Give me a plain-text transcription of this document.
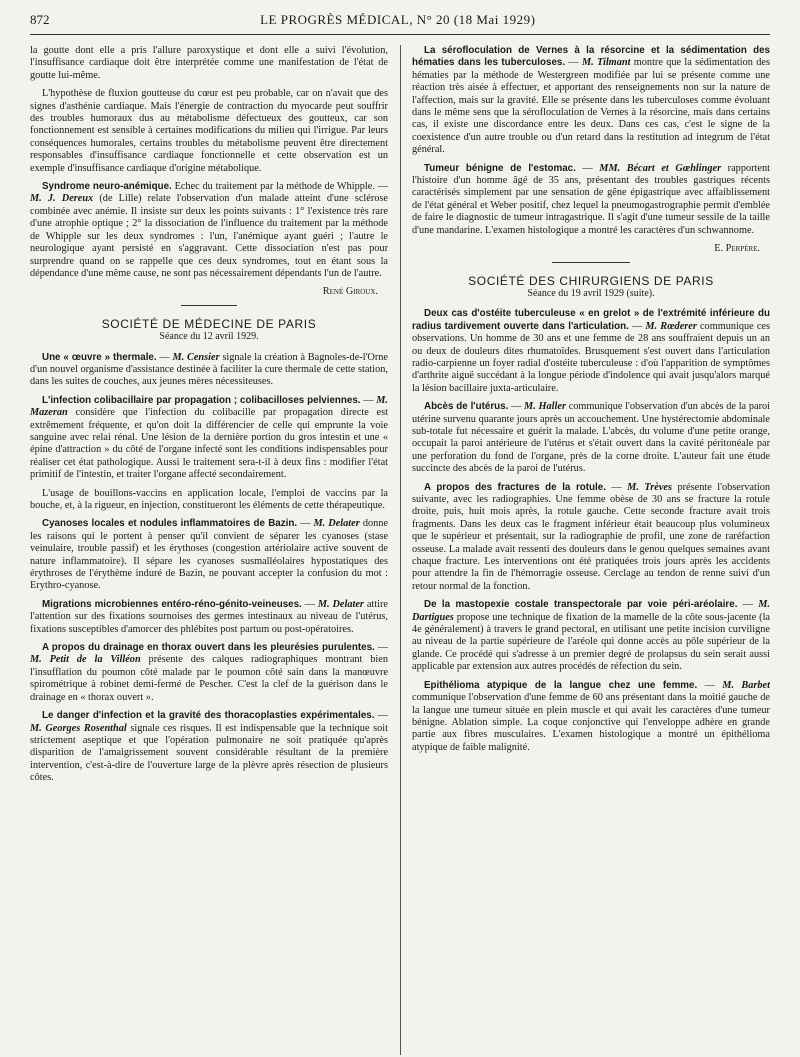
872	LE PROGRÈS MÉDICAL, N° 20 (18 Mai 1929)

la goutte dont elle a pris l'allure paroxystique et dont elle a suivi l'évolution, l'insuffisance cardiaque doit être interprétée comme une manifestation de l'état de goutte lui-même.

L'hypothèse de fluxion goutteuse du cœur est peu probable, car on n'avait que des signes d'asthénie cardiaque. Mais l'énergie de contraction du myocarde peut souffrir des troubles humoraux dus au métabolisme défectueux des goutteux, car son fonctionnement est sensible à certaines modifications du milieu qui l'irrigue. Par leurs conséquences humorales, certains troubles du métabolisme peuvent être directement responsables d'insuffisance cardiaque fonctionnelle et cette observation est un exemple d'insuffisance cardiaque d'origine métabolique.

Syndrome neuro-anémique. Echec du traitement par la méthode de Whipple. — M. J. Dereux (de Lille) relate l'observation d'un malade atteint d'une sclérose combinée avec anémie. Il insiste sur deux les points suivants : 1° l'existence très rare d'une atrophie optique ; 2° la dissociation de l'influence du traitement par la méthode de Whipple sur les deux syndromes : l'un, l'anémique ayant guéri ; l'autre le neurologique ayant persisté en s'aggravant. Cette dissociation n'est pas pour surprendre quand on se rappelle que ces deux syndromes, tout en étant sous la dépendance d'une même cause, ne sont pas nécessairement dépendants l'un de l'autre.

René Giroux.
SOCIÉTÉ DE MÉDECINE DE PARIS
Séance du 12 avril 1929.

Une « œuvre » thermale. — M. Censier signale la création à Bagnoles-de-l'Orne d'un nouvel organisme d'assistance destinée à faciliter la cure thermale de cette station, dans les suites de couches, aux jeunes mères nécessiteuses.

L'infection colibacillaire par propagation ; colibacilloses pelviennes. — M. Mazeran considère que l'infection du colibacille par propagation directe est extrêmement fréquente, et qu'on doit la différencier de celle qui emprunte la voie sanguine avec relai rénal. Une lésion de la dernière portion du gros intestin et une « épine d'attraction » du côté de l'organe infecté sont les conditions indispensables pour réaliser cet état pathologique. Aussi le traitement sera-t-il à deux fins : modifier l'état primitif de l'intestin, et traiter l'organe affecté secondairement.

L'usage de bouillons-vaccins en application locale, l'emploi de vaccins par la bouche, et, à la rigueur, en injection, constitueront les éléments de cette thérapeutique.

Cyanoses locales et nodules inflammatoires de Bazin. — M. Delater donne les raisons qui le portent à penser qu'il convient de séparer les cyanoses (stase veinulaire, trouble passif) et les érythoses (congestion artériolaire active souvent de nature inflammatoire). Il sépare les cyanoses susmalléolaires hypostatiques des érythroses de l'érythème induré de Bazin, ne pouvant accepter la confusion du mot : Erythro-cyanose.

Migrations microbiennes entéro-réno-génito-veineuses. — M. Delater attire l'attention sur des fixations sournoises des germes intestinaux au niveau de l'utérus, fixations susceptibles d'amorcer des phlébites post partum ou post-opératoires.

A propos du drainage en thorax ouvert dans les pleurésies purulentes. — M. Petit de la Villéon présente des calques radiographiques montrant bien l'insufflation du poumon côté malade par le poumon côté sain dans la manœuvre spirométrique à robinet demi-fermé de Pescher. C'est la clef de la guérison dans le drainage en « thorax ouvert ».

Le danger d'infection et la gravité des thoracoplasties expérimentales. — M. Georges Rosenthal signale ces risques. Il est indispensable que la technique soit strictement aseptique et que l'opération pulmonaire ne soit pratiquée qu'après disparition de l'amaigrissement souvent considérable résultant de la première intervention, c'est-à-dire de l'ouverture large de la plèvre après résection de plusieurs côtes.

La sérofloculation de Vernes à la résorcine et la sédimentation des hématies dans les tuberculoses. — M. Tilmant montre que la sédimentation des hématies par la méthode de Westergreen modifiée par lui se présente comme une réaction très aisée à effectuer, et apportant des renseignements non sur la nature de l'affection, mais sur la gravité. Elle se présente dans les tuberculoses comme évoluant dans le même sens que la sérofloculation de Vernes à la résorcine, mais dans certains cas, il existe une discordance entre les deux. Dans ces cas, c'est le signe de la coexistence d'un autre trouble ou d'un retard dans la restitution ad integrum de l'état général.

Tumeur bénigne de l'estomac. — MM. Bécart et Gœhlinger rapportent l'histoire d'un homme âgé de 35 ans, présentant des troubles gastriques récents caractérisés simplement par une sensation de gêne épigastrique avec affaiblissement de l'état général et Weber positif, chez lequel la pneumogastrographie permit d'emblée de faire le diagnostic de tumeur intragastrique. Il s'agit d'une tumeur sessile de la taille d'une mandarine. L'examen histologique a montré les caractères d'un schwannome.

E. Perpère.
SOCIÉTÉ DES CHIRURGIENS DE PARIS
Séance du 19 avril 1929 (suite).

Deux cas d'ostéite tuberculeuse « en grelot » de l'extrémité inférieure du radius tardivement ouverte dans l'articulation. — M. Rœderer communique ces observations. Un homme de 30 ans et une femme de 28 ans souffraient depuis un an ou deux de douleurs dites rhumatoïdes. Brusquement s'est ouvert dans l'articulation radio-carpienne un foyer radial d'ostéite tuberculeuse : d'où l'apparition de symptômes d'arthrite aiguë succédant à la longue période d'indolence qui avait jusqu'alors marqué la lésion bacillaire juxta-articulaire.

Abcès de l'utérus. — M. Haller communique l'observation d'un abcès de la paroi utérine survenu quarante jours après un accouchement. Une hystérectomie abdominale sub-totale fut nécessaire et guérit la malade. L'abcès, du volume d'une petite orange, occupait la paroi antérieure de l'utérus et s'était ouvert dans la cavité péritonéale par une perforation du fond de l'organe, près de la corne droite. L'auteur fait une étude succincte des abcès de la paroi de l'utérus.

A propos des fractures de la rotule. — M. Trèves présente l'observation suivante, avec les radiographies. Une femme obèse de 30 ans se fracture la rotule droite, puis, huit mois après, la rotule gauche. Cette seconde fracture avait trois fragments. Dans les deux cas le fragment inférieur était beaucoup plus volumineux que le supérieur et présentait, sur la radiographie de profil, une zone de raréfaction osseuse. La malade avait ressenti des douleurs dans le genou quelques semaines avant chaque fracture. Les interventions ont été pratiquées trois jours après les accidents pour attendre la fin de l'hémorragie osseuse. Cerclage au tendon de renne suivi d'un retour normal de la fonction.

De la mastopexie costale transpectorale par voie péri-aréolaire. — M. Dartigues propose une technique de fixation de la mamelle de la côte sous-jacente (la 4e généralement) à travers le grand pectoral, en utilisant une petite incision curviligne au niveau de la partie supérieure de l'aréole qui donne accès au pôle supérieur de la glande. Ce procédé qui s'adresse à un premier degré de prolapsus du sein serait aussi applicable par extension aux autres procédés de réfection du sein.

Epithélioma atypique de la langue chez une femme. — M. Barbet communique l'observation d'une femme de 60 ans présentant dans la moitié gauche de la langue une tumeur située en plein muscle et qui avait les caractères d'une tumeur bénigne. Ablation simple. La coque conjonctive qui l'enveloppe adhère en grande partie aux fibres musculaires. L'examen histologique a montré un épithélioma atypique de faible malignité.
